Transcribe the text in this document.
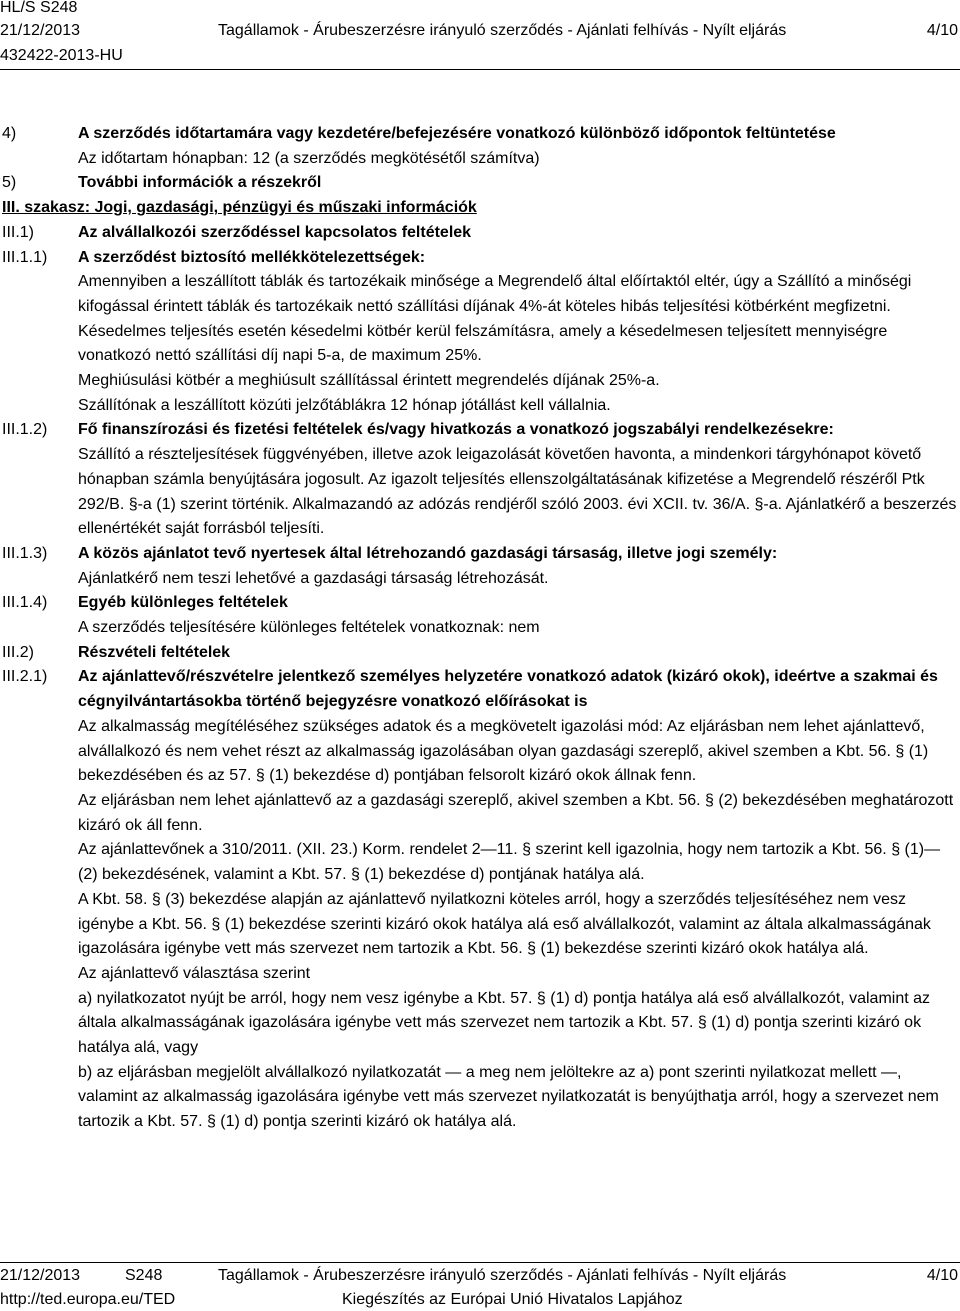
HL/S S248
21/12/2013	Tagállamok - Árubeszerzésre irányuló szerződés - Ajánlati felhívás - Nyílt eljárás	4/10
432422-2013-HU
4)	A szerződés időtartamára vagy kezdetére/befejezésére vonatkozó különböző időpontok feltüntetése

Az időtartam hónapban: 12 (a szerződés megkötésétől számítva)

5)	További információk a részekről

III. szakasz: Jogi, gazdasági, pénzügyi és műszaki információk

III.1)	Az alvállalkozói szerződéssel kapcsolatos feltételek

III.1.1) A szerződést biztosító mellékkötelezettségek:

Amennyiben a leszállított táblák és tartozékaik minősége a Megrendelő által előírtaktól eltér, úgy a Szállító a minőségi kifogással érintett táblák és tartozékaik nettó szállítási díjának 4%-át köteles hibás teljesítési kötbérként megfizetni.

Késedelmes teljesítés esetén késedelmi kötbér kerül felszámításra, amely a késedelmesen teljesített mennyiségre vonatkozó nettó szállítási díj napi 5-a, de maximum 25%.

Meghiúsulási kötbér a meghiúsult szállítással érintett megrendelés díjának 25%-a.

Szállítónak a leszállított közúti jelzőtáblákra 12 hónap jótállást kell vállalnia.

III.1.2) Fő finanszírozási és fizetési feltételek és/vagy hivatkozás a vonatkozó jogszabályi rendelkezésekre:

Szállító a részteljesítések függvényében, illetve azok leigazolását követően havonta, a mindenkori tárgyhónapot követő hónapban számla benyújtására jogosult. Az igazolt teljesítés ellenszolgáltatásának kifizetése a Megrendelő részéről Ptk 292/B. §-a (1) szerint történik. Alkalmazandó az adózás rendjéről szóló 2003. évi XCII. tv. 36/A. §-a. Ajánlatkérő a beszerzés ellenértékét saját forrásból teljesíti.

III.1.3) A közös ajánlatot tevő nyertesek által létrehozandó gazdasági társaság, illetve jogi személy:

Ajánlatkérő nem teszi lehetővé a gazdasági társaság létrehozását.

III.1.4) Egyéb különleges feltételek

A szerződés teljesítésére különleges feltételek vonatkoznak: nem

III.2)	Részvételi feltételek

III.2.1) Az ajánlattevő/részvételre jelentkező személyes helyzetére vonatkozó adatok (kizáró okok), ideértve a szakmai és cégnyilvántartásokba történő bejegyzésre vonatkozó előírásokat is

Az alkalmasság megítéléséhez szükséges adatok és a megkövetelt igazolási mód: Az eljárásban nem lehet ajánlattevő, alvállalkozó és nem vehet részt az alkalmasság igazolásában olyan gazdasági szereplő, akivel szemben a Kbt. 56. § (1) bekezdésében és az 57. § (1) bekezdése d) pontjában felsorolt kizáró okok állnak fenn.

Az eljárásban nem lehet ajánlattevő az a gazdasági szereplő, akivel szemben a Kbt. 56. § (2) bekezdésében meghatározott kizáró ok áll fenn.

Az ajánlattevőnek a 310/2011. (XII. 23.) Korm. rendelet 2—11. § szerint kell igazolnia, hogy nem tartozik a Kbt. 56. § (1)—(2) bekezdésének, valamint a Kbt. 57. § (1) bekezdése d) pontjának hatálya alá.

A Kbt. 58. § (3) bekezdése alapján az ajánlattevő nyilatkozni köteles arról, hogy a szerződés teljesítéséhez nem vesz igénybe a Kbt. 56. § (1) bekezdése szerinti kizáró okok hatálya alá eső alvállalkozót, valamint az általa alkalmasságának igazolására igénybe vett más szervezet nem tartozik a Kbt. 56. § (1) bekezdése szerinti kizáró okok hatálya alá.

Az ajánlattevő választása szerint

a) nyilatkozatot nyújt be arról, hogy nem vesz igénybe a Kbt. 57. § (1) d) pontja hatálya alá eső alvállalkozót, valamint az általa alkalmasságának igazolására igénybe vett más szervezet nem tartozik a Kbt. 57. § (1) d) pontja szerinti kizáró ok hatálya alá, vagy

b) az eljárásban megjelölt alvállalkozó nyilatkozatát — a meg nem jelöltekre az a) pont szerinti nyilatkozat mellett —, valamint az alkalmasság igazolására igénybe vett más szervezet nyilatkozatát is benyújthatja arról, hogy a szervezet nem tartozik a Kbt. 57. § (1) d) pontja szerinti kizáró ok hatálya alá.

21/12/2013	S248	Tagállamok - Árubeszerzésre irányuló szerződés - Ajánlati felhívás - Nyílt eljárás	4/10
http://ted.europa.eu/TED	Kiegészítés az Európai Unió Hivatalos Lapjához
